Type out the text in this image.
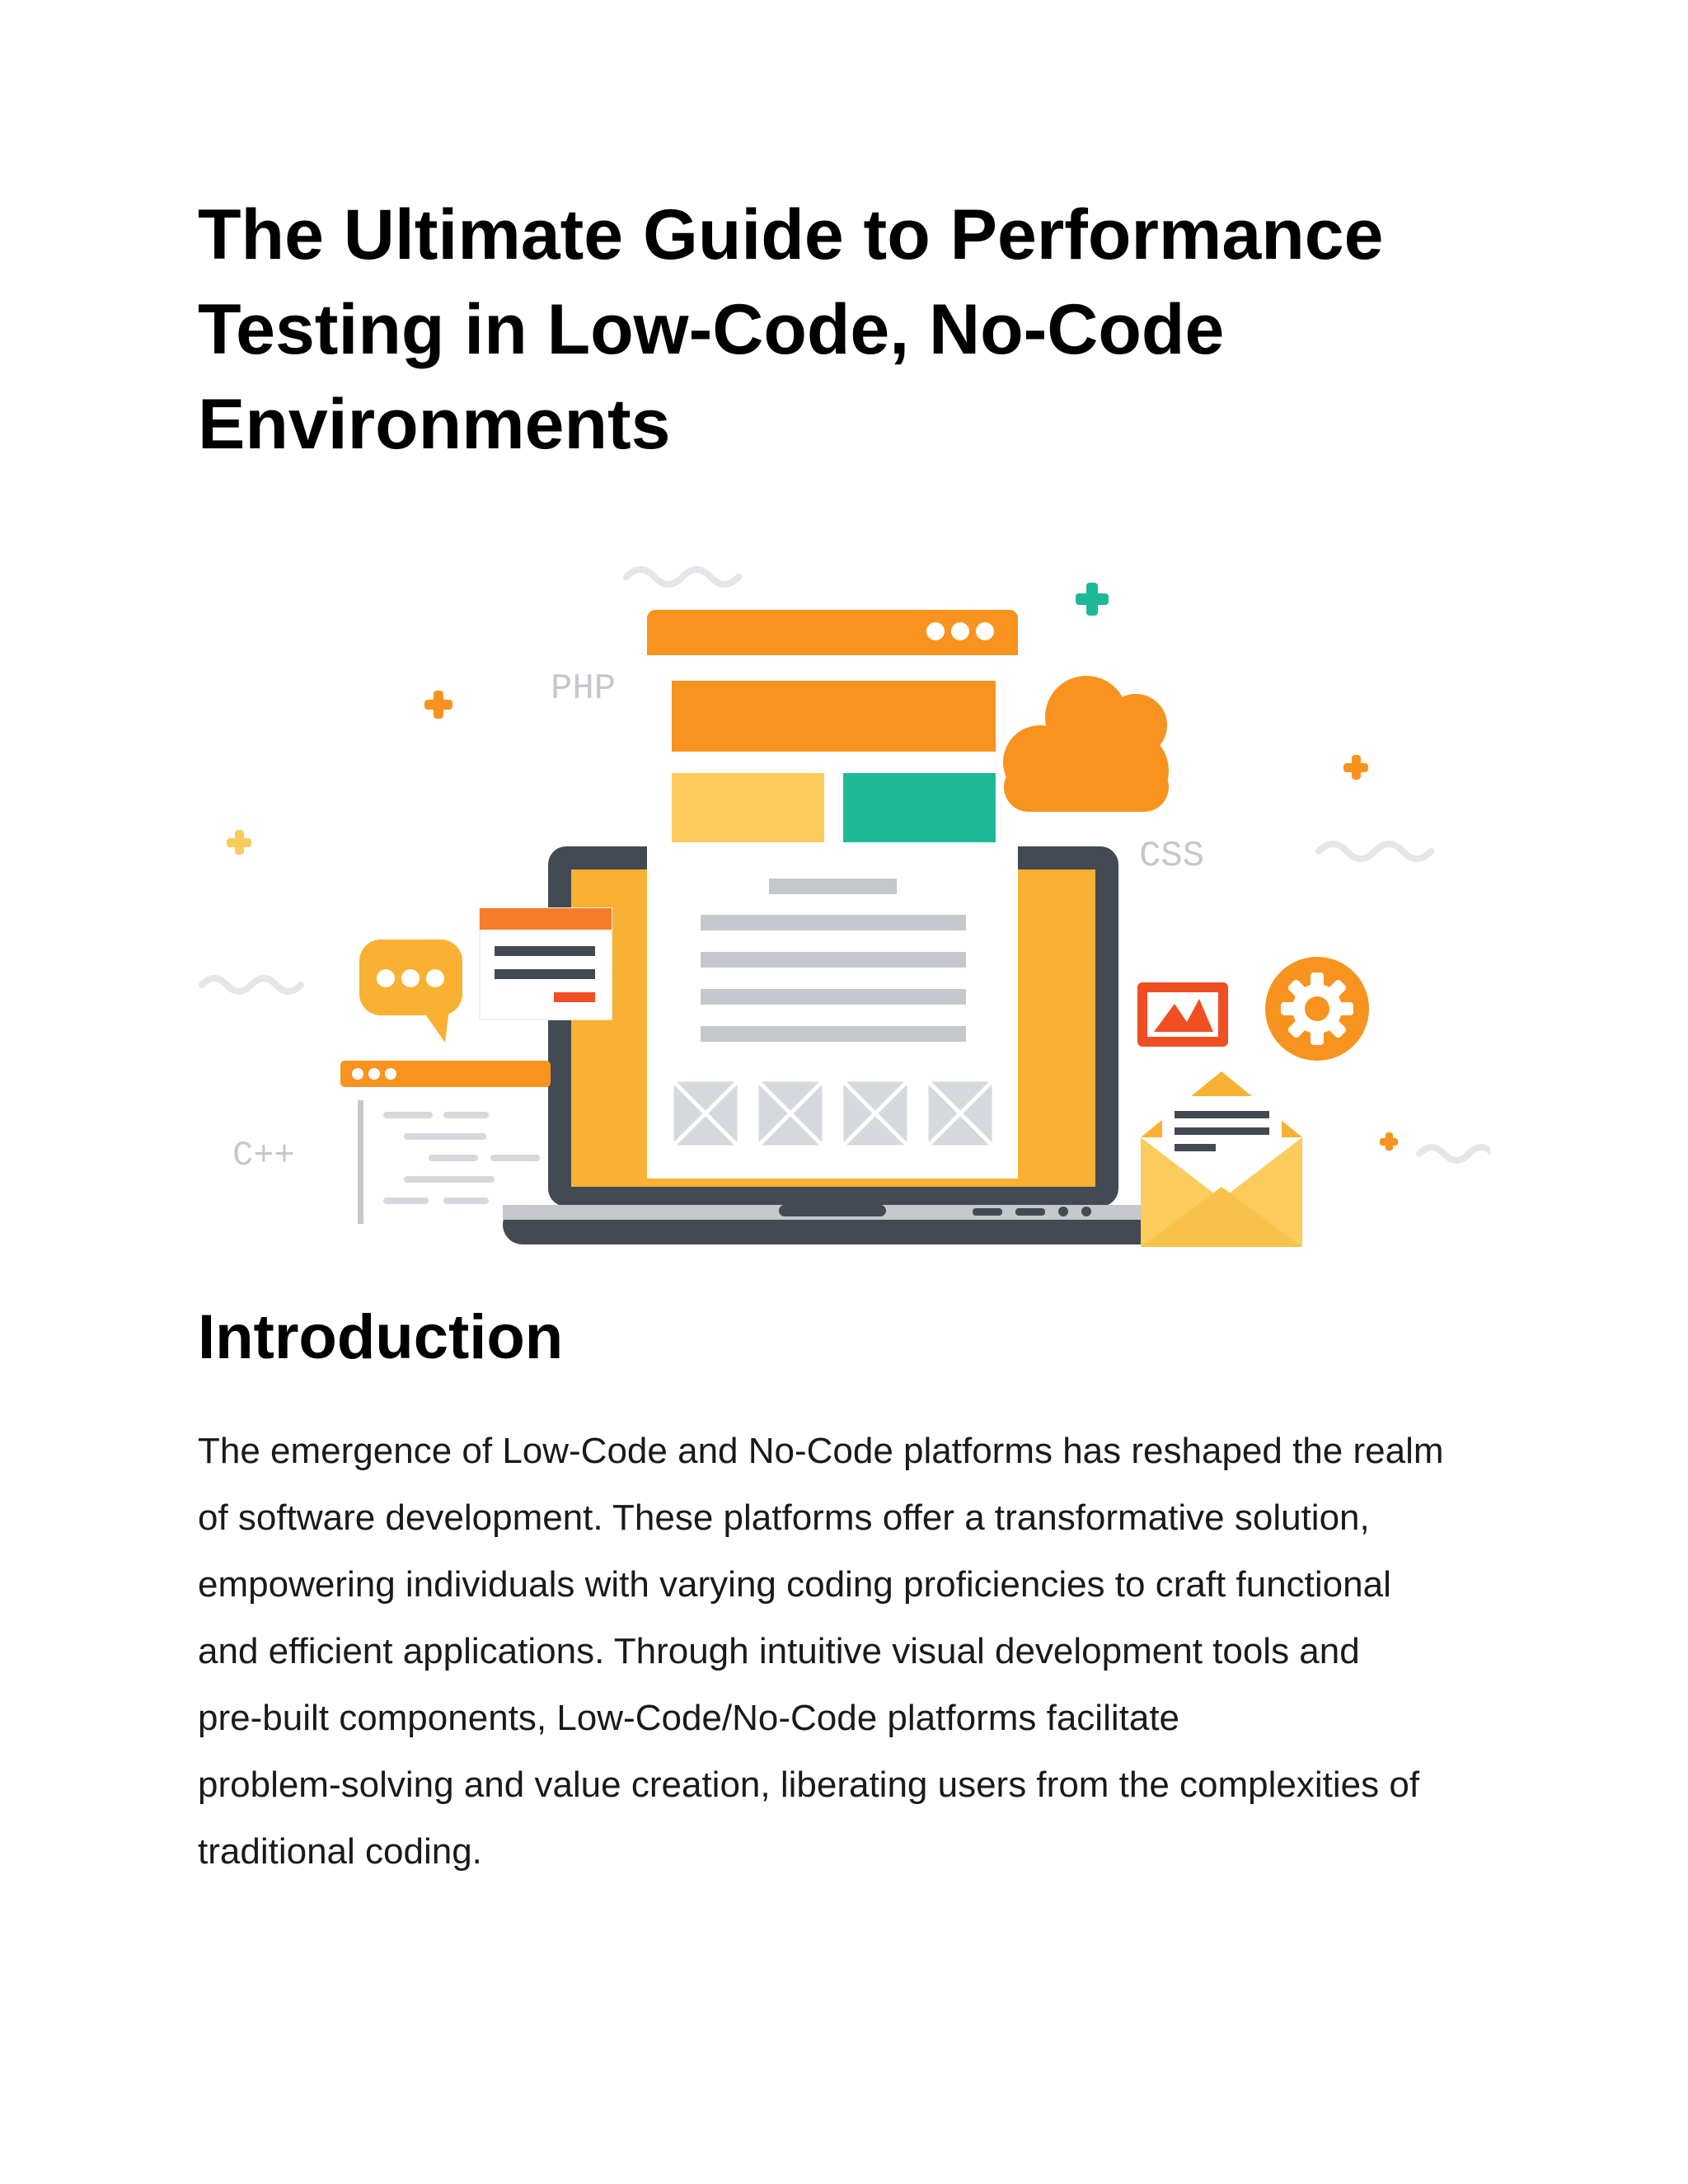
The Ultimate Guide to Performance
Testing in Low-Code, No-Code
Environments
PHP
CSS
C++
Introduction

The emergence of Low-Code and No-Code platforms has reshaped the realm
of software development. These platforms offer a transformative solution,
empowering individuals with varying coding proficiencies to craft functional
and efficient applications. Through intuitive visual development tools and
pre-built components, Low-Code/No-Code platforms facilitate
problem-solving and value creation, liberating users from the complexities of
traditional coding.
